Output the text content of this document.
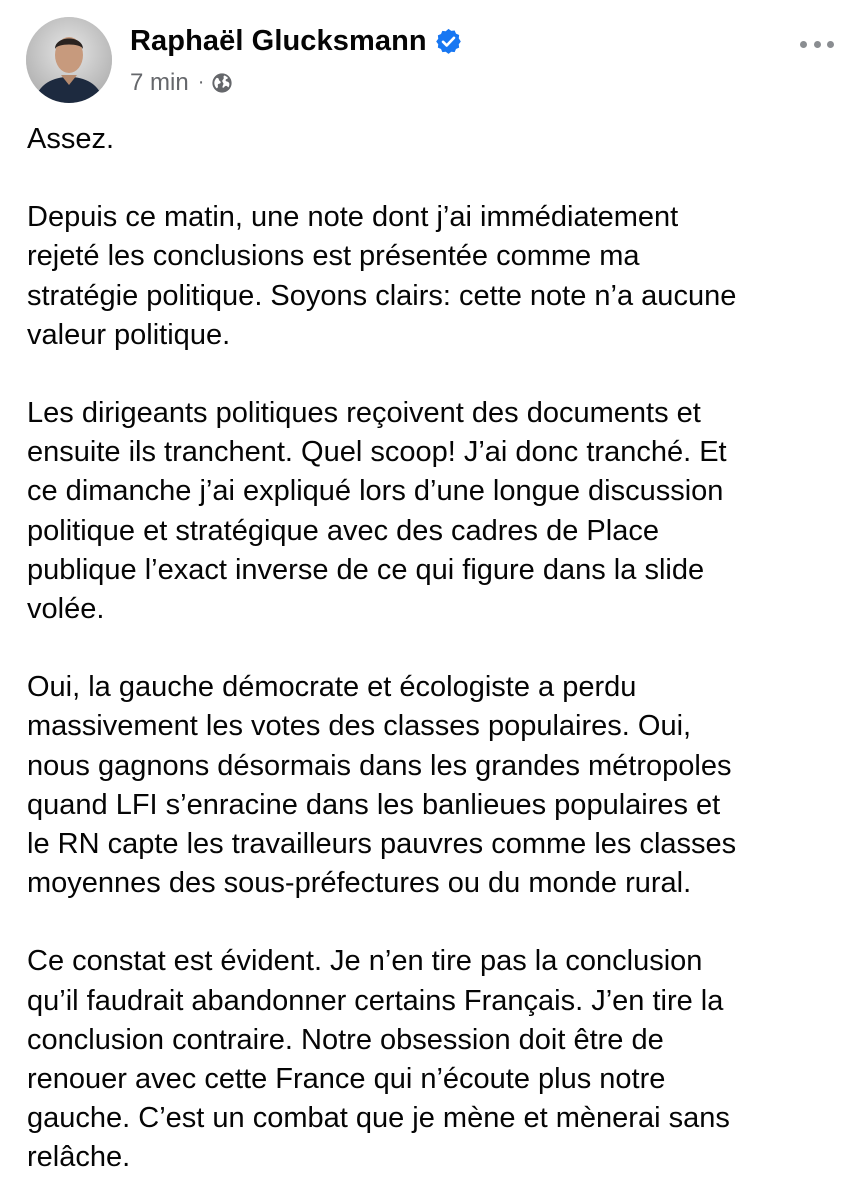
Raphaël Glucksmann
7 min ·

Assez.

Depuis ce matin, une note dont j’ai immédiatement
rejeté les conclusions est présentée comme ma
stratégie politique. Soyons clairs: cette note n’a aucune
valeur politique.

Les dirigeants politiques reçoivent des documents et
ensuite ils tranchent. Quel scoop! J’ai donc tranché. Et
ce dimanche j’ai expliqué lors d’une longue discussion
politique et stratégique avec des cadres de Place
publique l’exact inverse de ce qui figure dans la slide
volée.

Oui, la gauche démocrate et écologiste a perdu
massivement les votes des classes populaires. Oui,
nous gagnons désormais dans les grandes métropoles
quand LFI s’enracine dans les banlieues populaires et
le RN capte les travailleurs pauvres comme les classes
moyennes des sous-préfectures ou du monde rural.

Ce constat est évident. Je n’en tire pas la conclusion
qu’il faudrait abandonner certains Français. J’en tire la
conclusion contraire. Notre obsession doit être de
renouer avec cette France qui n’écoute plus notre
gauche. C’est un combat que je mène et mènerai sans
relâche.
